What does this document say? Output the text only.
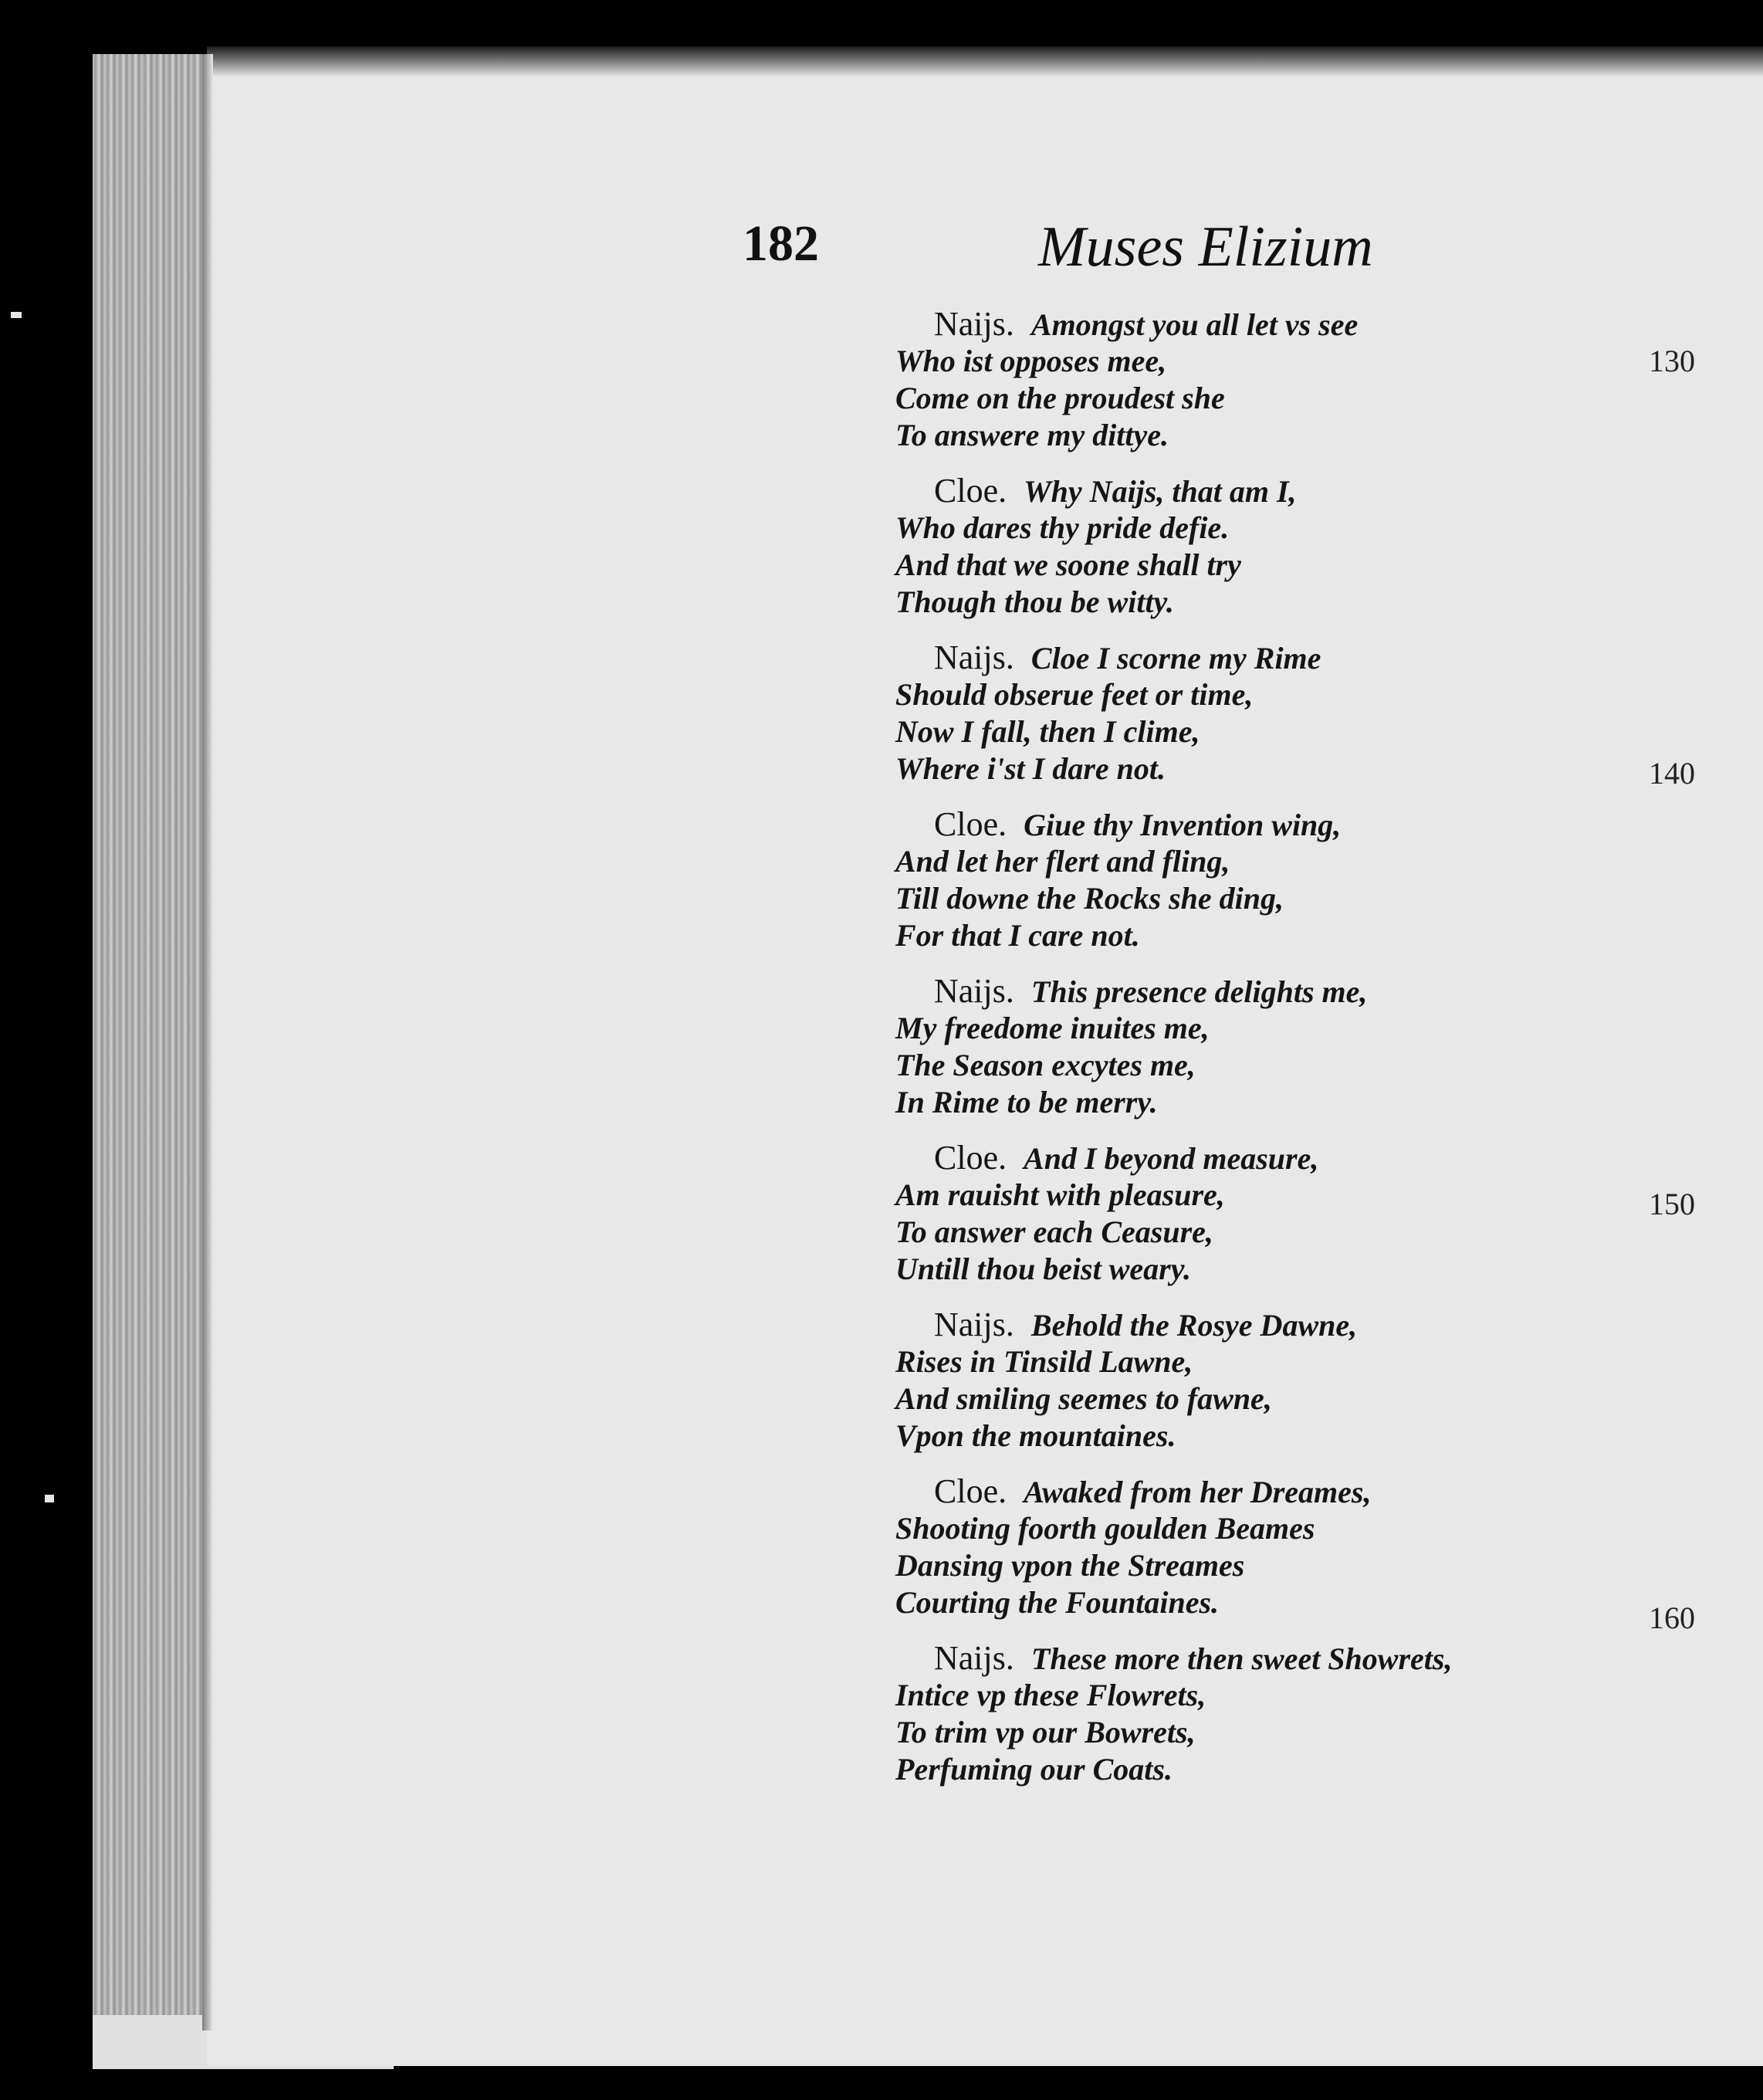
182	Muses Elizium
Naijs. Amongst you all let vs see
Who ist opposes mee,
Come on the proudest she
To answere my dittye.
Cloe. Why Naijs, that am I,
Who dares thy pride defie.
And that we soone shall try
Though thou be witty.
Naijs. Cloe I scorne my Rime
Should obserue feet or time,
Now I fall, then I clime,
Where i'st I dare not.
Cloe. Giue thy Invention wing,
And let her flert and fling,
Till downe the Rocks she ding,
For that I care not.
Naijs. This presence delights me,
My freedome inuites me,
The Season excytes me,
In Rime to be merry.
Cloe. And I beyond measure,
Am rauisht with pleasure,
To answer each Ceasure,
Untill thou beist weary.
Naijs. Behold the Rosye Dawne,
Rises in Tinsild Lawne,
And smiling seemes to fawne,
Vpon the mountaines.
Cloe. Awaked from her Dreames,
Shooting foorth goulden Beames
Dansing vpon the Streames
Courting the Fountaines.
Naijs. These more then sweet Showrets,
Intice vp these Flowrets,
To trim vp our Bowrets,
Perfuming our Coats.
130
140
150
160
